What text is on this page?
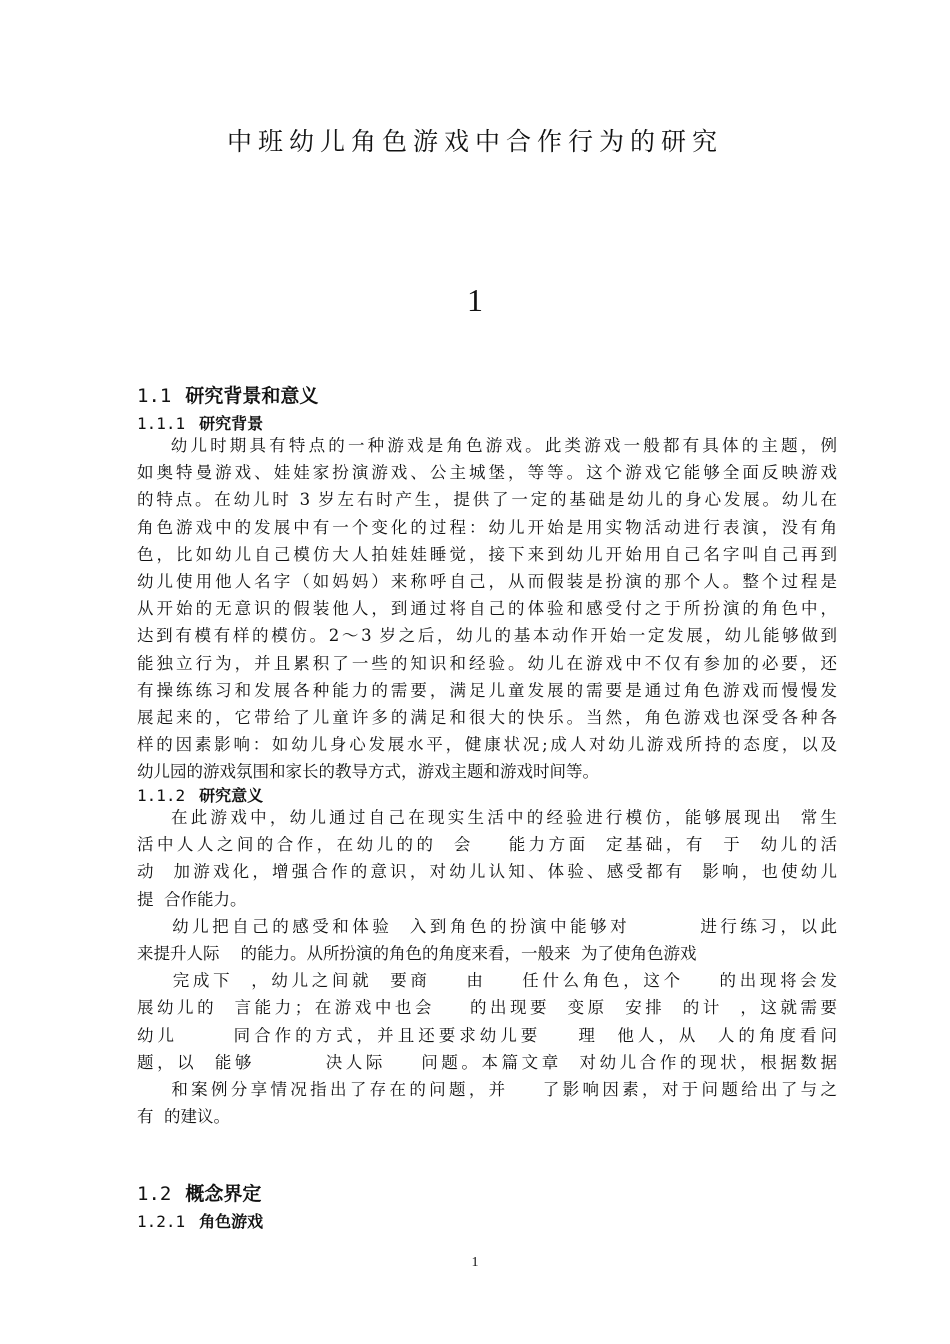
中班幼儿角色游戏中合作行为的研究
1
1.1 研究背景和意义
1.1.1 研究背景
幼儿时期具有特点的一种游戏是角色游戏。此类游戏一般都有具体的主题，例
如奥特曼游戏、娃娃家扮演游戏、公主城堡，等等。这个游戏它能够全面反映游戏
的特点。在幼儿时 3 岁左右时产生，提供了一定的基础是幼儿的身心发展。幼儿在
角色游戏中的发展中有一个变化的过程：幼儿开始是用实物活动进行表演，没有角
色，比如幼儿自己模仿大人拍娃娃睡觉，接下来到幼儿开始用自己名字叫自己再到
幼儿使用他人名字（如妈妈）来称呼自己，从而假装是扮演的那个人。整个过程是
从开始的无意识的假装他人，到通过将自己的体验和感受付之于所扮演的角色中，
达到有模有样的模仿。2～3 岁之后，幼儿的基本动作开始一定发展，幼儿能够做到
能独立行为，并且累积了一些的知识和经验。幼儿在游戏中不仅有参加的必要，还
有操练练习和发展各种能力的需要，满足儿童发展的需要是通过角色游戏而慢慢发
展起来的，它带给了儿童许多的满足和很大的快乐。当然，角色游戏也深受各种各
样的因素影响：如幼儿身心发展水平，健康状况;成人对幼儿游戏所持的态度，以及
幼儿园的游戏氛围和家长的教导方式，游戏主题和游戏时间等。
1.1.2 研究意义
在此游戏中，幼儿通过自己在现实生活中的经验进行模仿，能够展现出  常生
活中人人之间的合作，在幼儿的的  会    能力方面  定基础，有  于  幼儿的活
动  加游戏化，增强合作的意识，对幼儿认知、体验、感受都有  影响，也使幼儿
提  合作能力。
幼儿把自己的感受和体验  入到角色的扮演中能够对        进行练习，以此
来提升人际    的能力。从所扮演的角色的角度来看，一般来  为了使角色游戏
完成下  ，幼儿之间就  要商    由    任什么角色，这个    的出现将会发
展幼儿的  言能力；在游戏中也会    的出现要  变原  安排  的计  ，这就需要
幼儿      同合作的方式，并且还要求幼儿要    理  他人，从  人的角度看问
题，以  能够        决人际    问题。本篇文章  对幼儿合作的现状，根据数据
和案例分享情况指出了存在的问题，并    了影响因素，对于问题给出了与之
有  的建议。
1.2 概念界定
1.2.1 角色游戏
1
